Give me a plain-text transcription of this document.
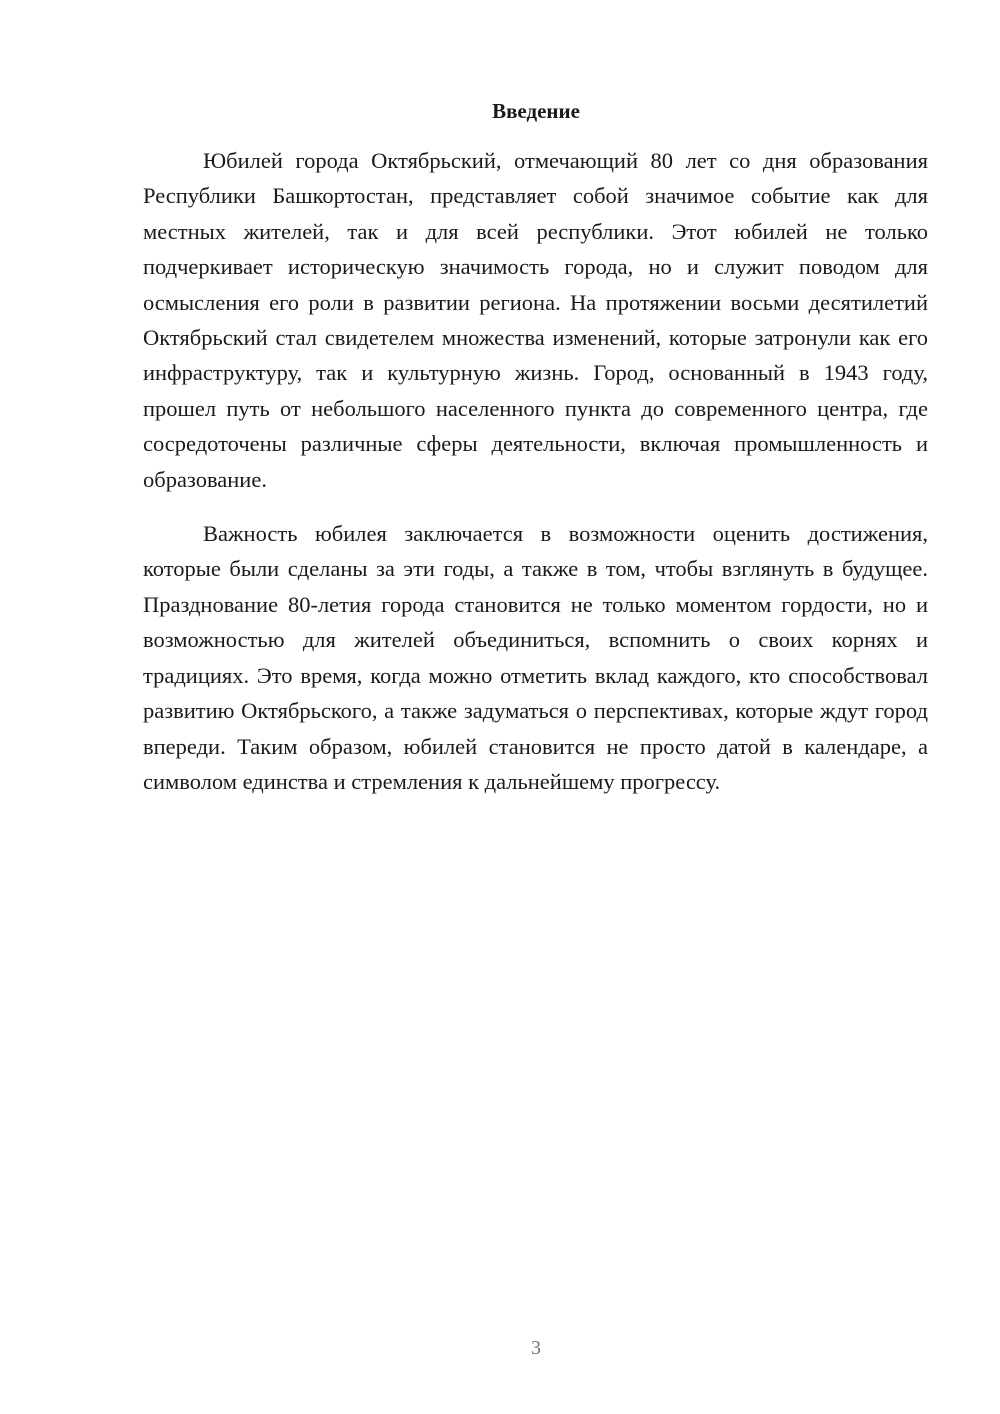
Введение

Юбилей города Октябрьский, отмечающий 80 лет со дня образования Республики Башкортостан, представляет собой значимое событие как для местных жителей, так и для всей республики. Этот юбилей не только подчеркивает историческую значимость города, но и служит поводом для осмысления его роли в развитии региона. На протяжении восьми десятилетий Октябрьский стал свидетелем множества изменений, которые затронули как его инфраструктуру, так и культурную жизнь. Город, основанный в 1943 году, прошел путь от небольшого населенного пункта до современного центра, где сосредоточены различные сферы деятельности, включая промышленность и образование.

Важность юбилея заключается в возможности оценить достижения, которые были сделаны за эти годы, а также в том, чтобы взглянуть в будущее. Празднование 80-летия города становится не только моментом гордости, но и возможностью для жителей объединиться, вспомнить о своих корнях и традициях. Это время, когда можно отметить вклад каждого, кто способствовал развитию Октябрьского, а также задуматься о перспективах, которые ждут город впереди. Таким образом, юбилей становится не просто датой в календаре, а символом единства и стремления к дальнейшему прогрессу.

3
